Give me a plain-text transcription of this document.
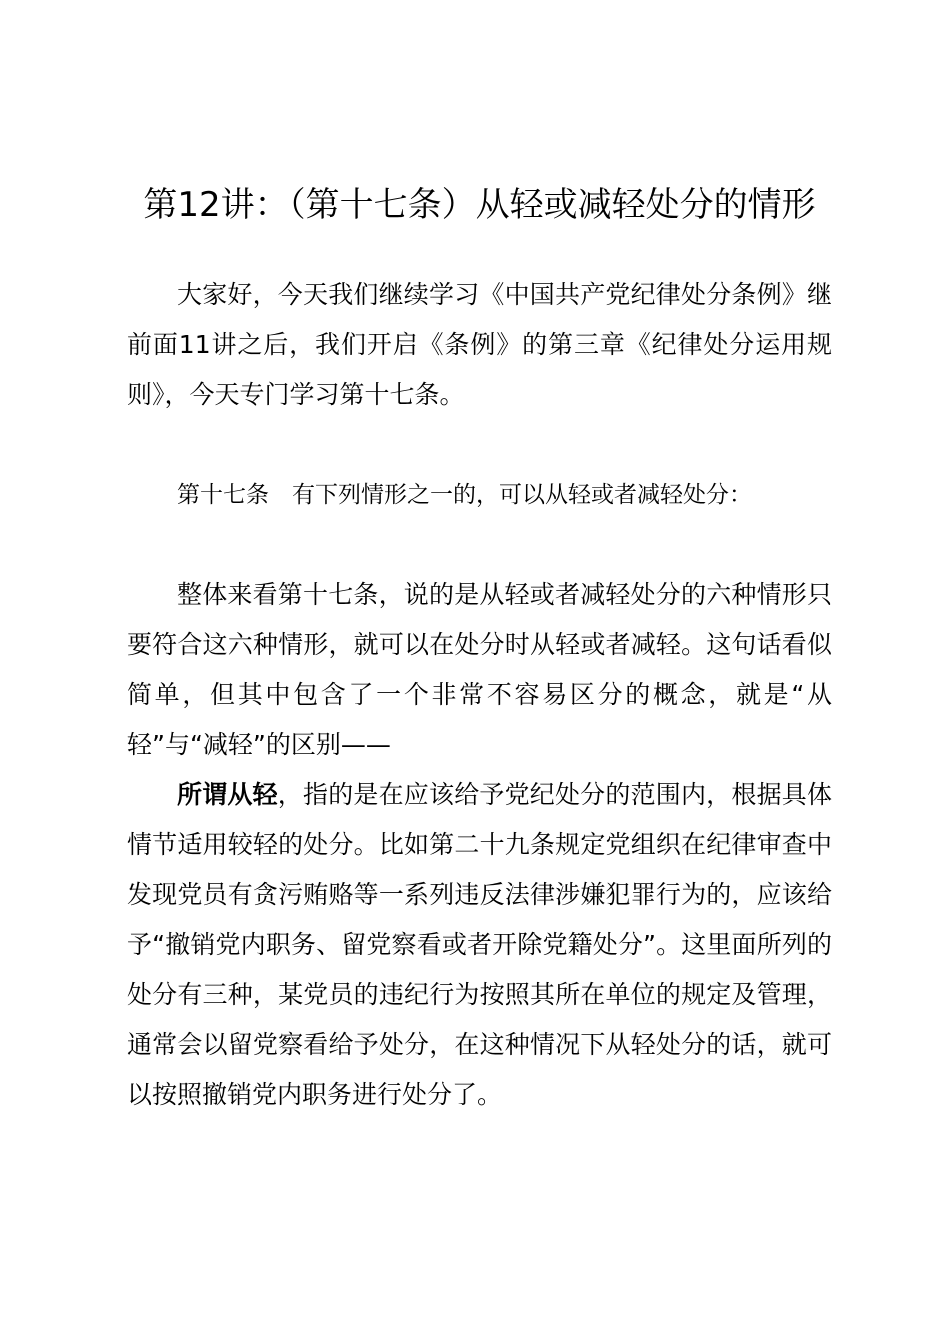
第12讲：（第十七条）从轻或减轻处分的情形

大家好，今天我们继续学习《中国共产党纪律处分条例》继前面11讲之后，我们开启《条例》的第三章《纪律处分运用规则》，今天专门学习第十七条。

第十七条　有下列情形之一的，可以从轻或者减轻处分：

整体来看第十七条，说的是从轻或者减轻处分的六种情形只要符合这六种情形，就可以在处分时从轻或者减轻。这句话看似简单，但其中包含了一个非常不容易区分的概念，就是“从轻”与“减轻”的区别——

所谓从轻，指的是在应该给予党纪处分的范围内，根据具体情节适用较轻的处分。比如第二十九条规定党组织在纪律审查中发现党员有贪污贿赂等一系列违反法律涉嫌犯罪行为的，应该给予“撤销党内职务、留党察看或者开除党籍处分”。这里面所列的处分有三种，某党员的违纪行为按照其所在单位的规定及管理，通常会以留党察看给予处分，在这种情况下从轻处分的话，就可以按照撤销党内职务进行处分了。
